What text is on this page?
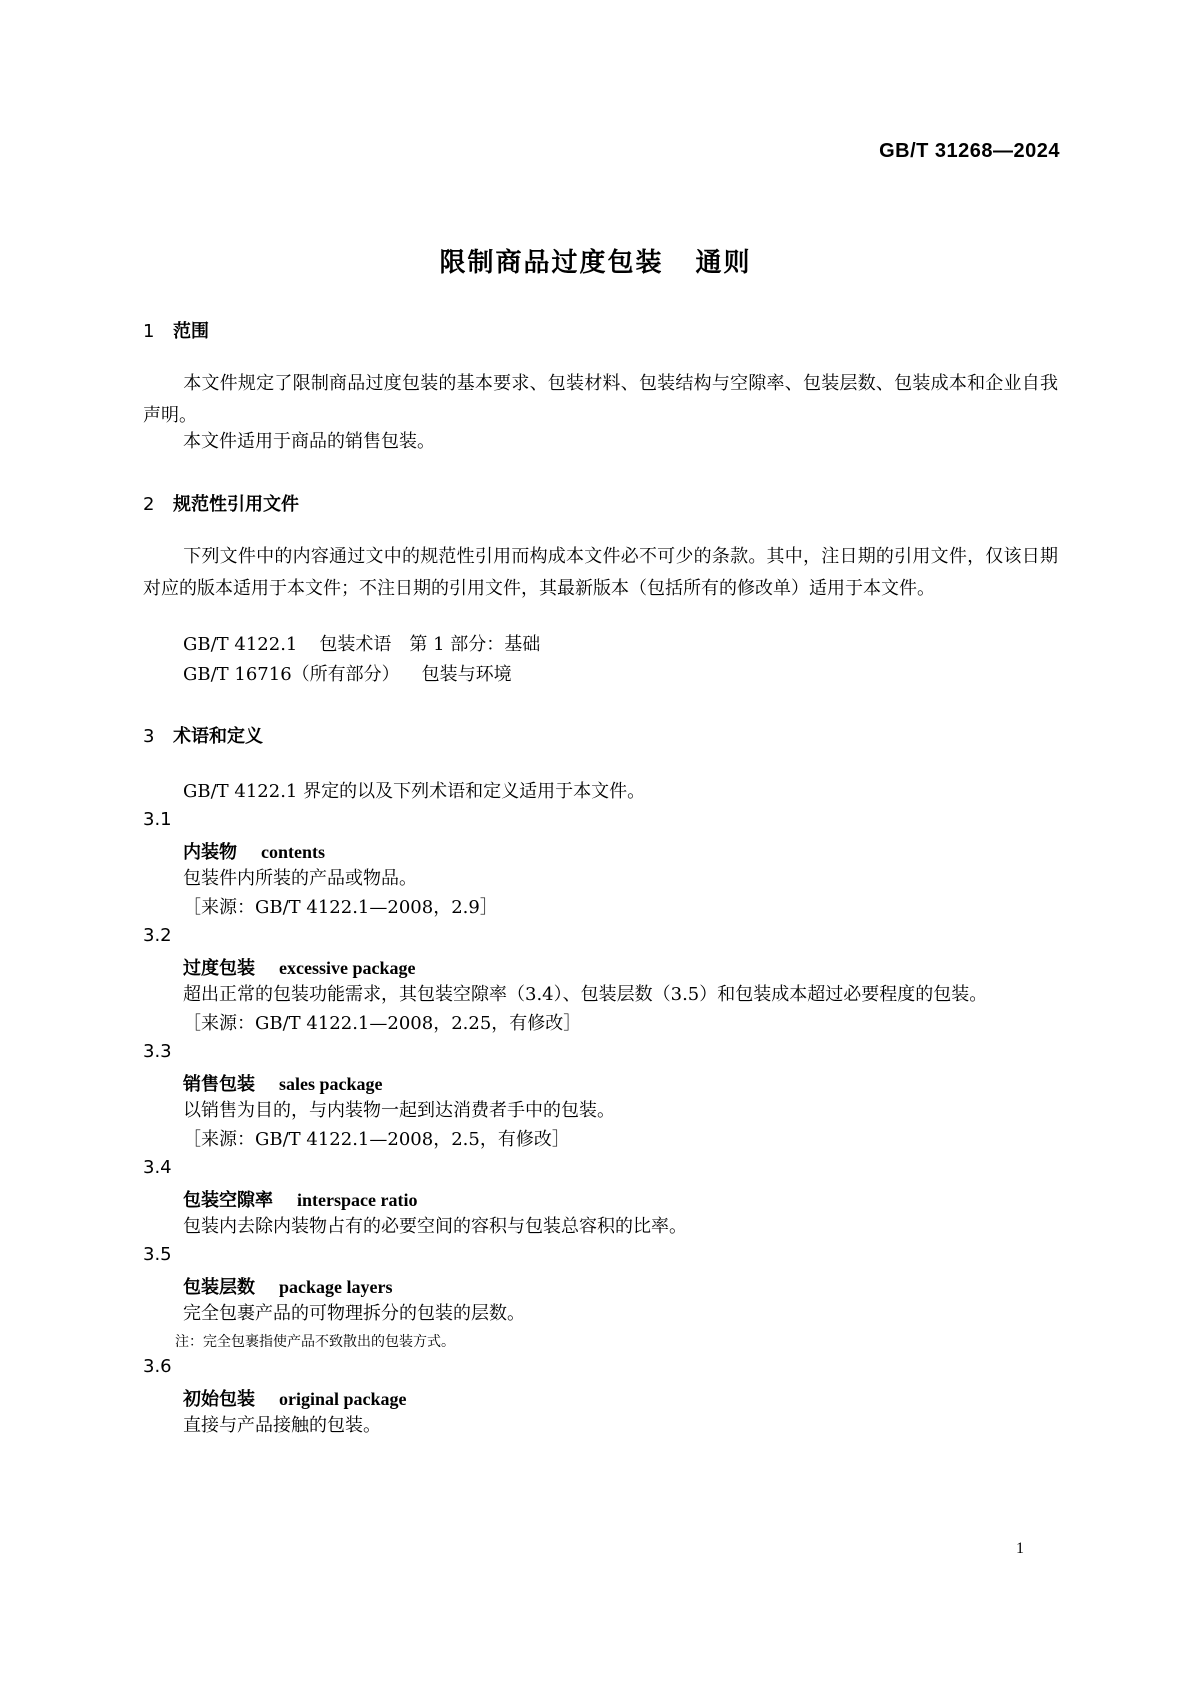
GB/T 31268—2024
限制商品过度包装 通则
1 范围
本文件规定了限制商品过度包装的基本要求、包装材料、包装结构与空隙率、包装层数、包装成本和企业自我声明。
本文件适用于商品的销售包装。
2 规范性引用文件
下列文件中的内容通过文中的规范性引用而构成本文件必不可少的条款。其中，注日期的引用文件，仅该日期对应的版本适用于本文件；不注日期的引用文件，其最新版本（包括所有的修改单）适用于本文件。
GB/T 4122.1 包装术语　第 1 部分：基础
GB/T 16716（所有部分） 包装与环境
3 术语和定义
GB/T 4122.1 界定的以及下列术语和定义适用于本文件。
3.1
内装物 contents
包装件内所装的产品或物品。
［来源：GB/T 4122.1—2008，2.9］
3.2
过度包装 excessive package
超出正常的包装功能需求，其包装空隙率（3.4）、包装层数（3.5）和包装成本超过必要程度的包装。
［来源：GB/T 4122.1—2008，2.25，有修改］
3.3
销售包装 sales package
以销售为目的，与内装物一起到达消费者手中的包装。
［来源：GB/T 4122.1—2008，2.5，有修改］
3.4
包装空隙率 interspace ratio
包装内去除内装物占有的必要空间的容积与包装总容积的比率。
3.5
包装层数 package layers
完全包裹产品的可物理拆分的包装的层数。
注：完全包裹指使产品不致散出的包装方式。
3.6
初始包装 original package
直接与产品接触的包装。
1
